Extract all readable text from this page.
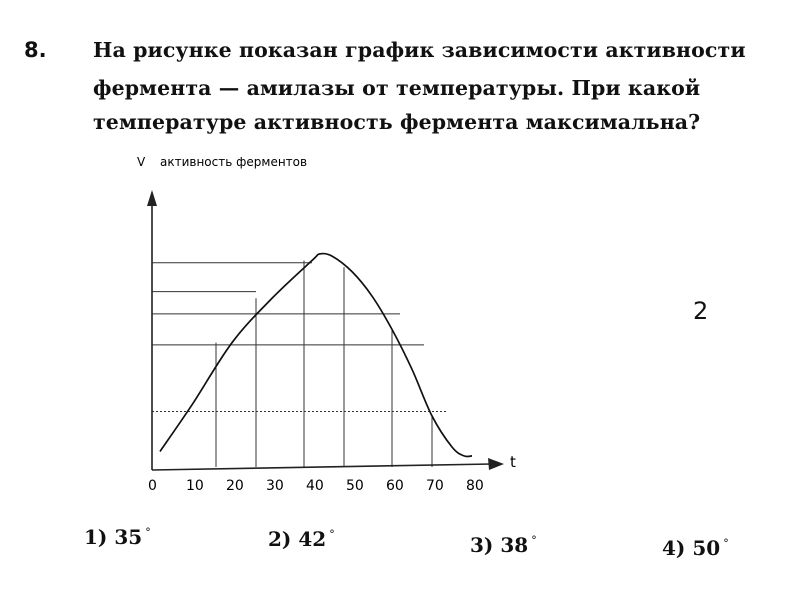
8. На рисунке показан график зависимости активности
фермента — амилазы от температуры. При какой
температуре активность фермента максимальна?
V активность ферментов
t
0 10 20 30 40 50 60 70 80
2
1) 35 °	2) 42 °	3) 38 °	4) 50 °
